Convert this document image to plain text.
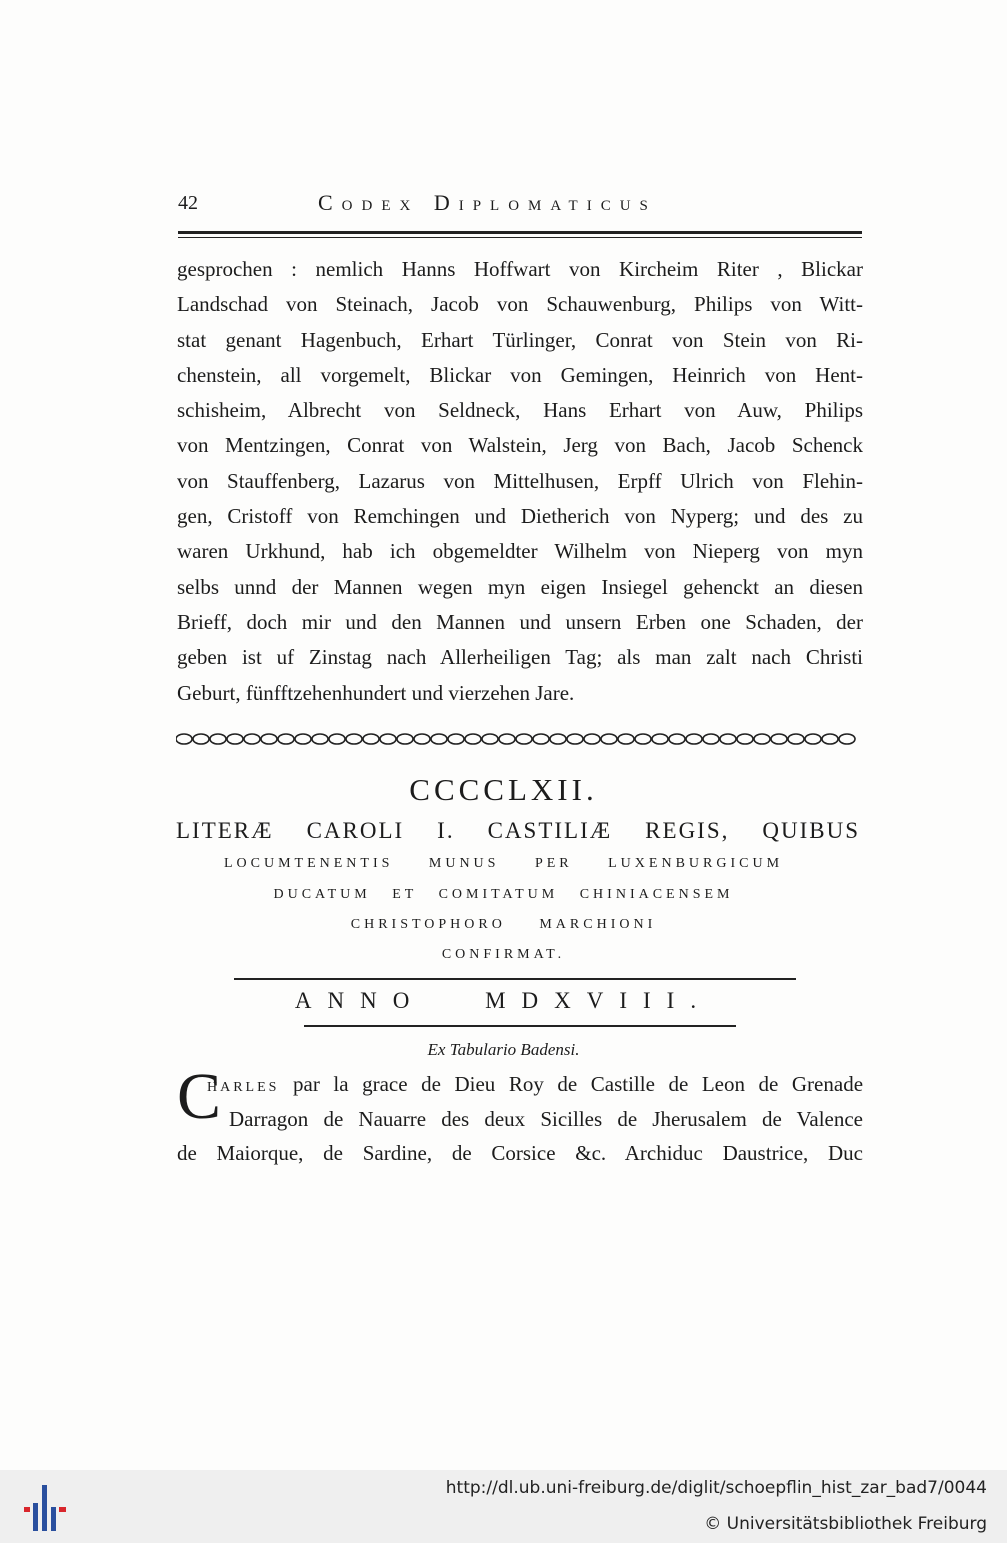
42	Codex Diplomaticus
gesprochen : nemlich Hanns Hoffwart von Kircheim Riter , Blickar
Landschad von Steinach, Jacob von Schauwenburg, Philips von Witt-
stat genant Hagenbuch, Erhart Türlinger, Conrat von Stein von Ri-
chenstein, all vorgemelt, Blickar von Gemingen, Heinrich von Hent-
schisheim, Albrecht von Seldneck, Hans Erhart von Auw, Philips
von Mentzingen, Conrat von Walstein, Jerg von Bach, Jacob Schenck
von Stauffenberg, Lazarus von Mittelhusen, Erpff Ulrich von Flehin-
gen, Cristoff von Remchingen und Dietherich von Nyperg; und des zu
waren Urkhund, hab ich obgemeldter Wilhelm von Nieperg von myn
selbs unnd der Mannen wegen myn eigen Insiegel gehenckt an diesen
Brieff, doch mir und den Mannen und unsern Erben one Schaden, der
geben ist uf Zinstag nach Allerheiligen Tag; als man zalt nach Christi
Geburt, fünfftzehenhundert und vierzehen Jare.
CCCCLXII.
LITERÆ CAROLI I. CASTILIÆ REGIS, QUIBUS
LOCUMTENENTIS MUNUS PER LUXENBURGICUM
DUCATUM ET COMITATUM CHINIACENSEM
CHRISTOPHORO MARCHIONI
CONFIRMAT.
ANNO MDXVIII.
Ex Tabulario Badensi.
C
HARLES par la grace de Dieu Roy de Castille de Leon de Grenade
Darragon de Nauarre des deux Sicilles de Jherusalem de Valence
de Maiorque, de Sardine, de Corsice &c. Archiduc Daustrice, Duc
http://dl.ub.uni-freiburg.de/diglit/schoepflin_hist_zar_bad7/0044
© Universitätsbibliothek Freiburg
